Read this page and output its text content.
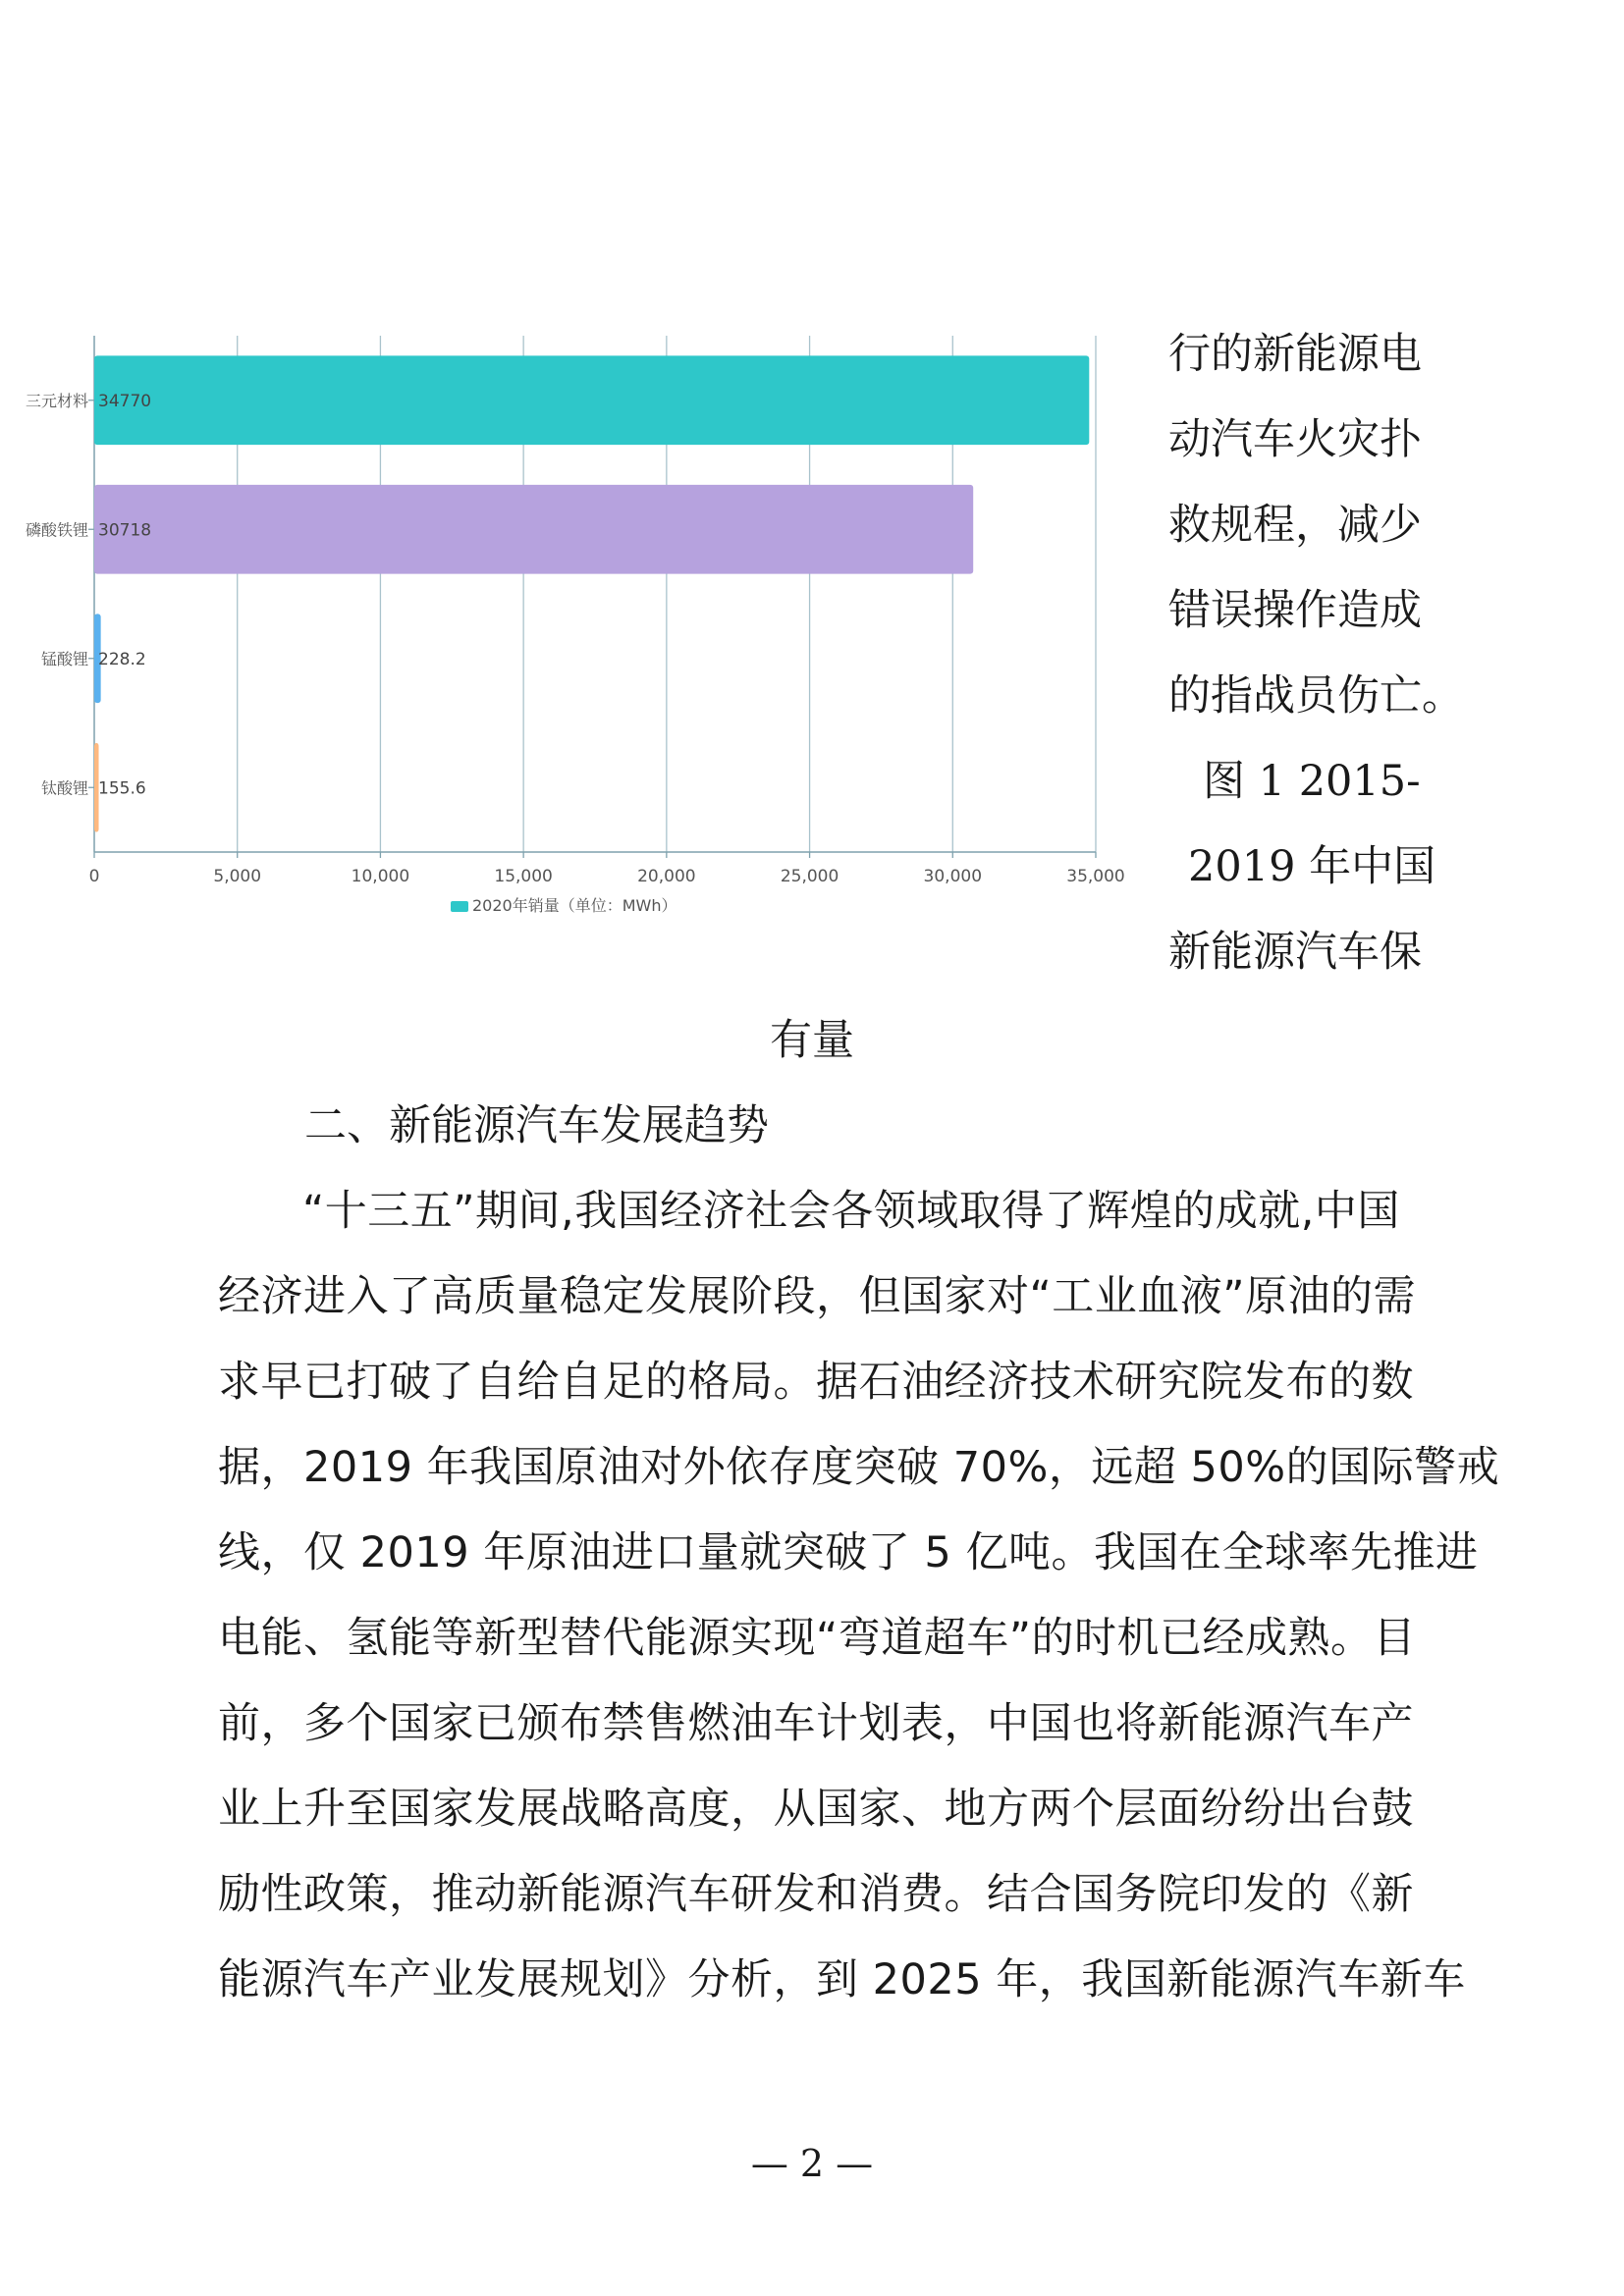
0	5,000	10,000	15,000	20,000	25,000	30,000	35,000
三元材料 34770
磷酸铁锂 30718
锰酸锂 228.2
钛酸锂 155.6
2020年销量（单位：MWh）
行的新能源电
动汽车火灾扑
救规程，减少
错误操作造成
的指战员伤亡。
图 1 2015-
2019 年中国
新能源汽车保
有量
二、新能源汽车发展趋势
“十三五”期间,我国经济社会各领域取得了辉煌的成就,中国
经济进入了高质量稳定发展阶段，但国家对“工业血液”原油的需
求早已打破了自给自足的格局。据石油经济技术研究院发布的数
据，2019 年我国原油对外依存度突破 70%，远超 50%的国际警戒
线，仅 2019 年原油进口量就突破了 5 亿吨。我国在全球率先推进
电能、氢能等新型替代能源实现“弯道超车”的时机已经成熟。目
前，多个国家已颁布禁售燃油车计划表，中国也将新能源汽车产
业上升至国家发展战略高度，从国家、地方两个层面纷纷出台鼓
励性政策，推动新能源汽车研发和消费。结合国务院印发的《新
能源汽车产业发展规划》分析，到 2025 年，我国新能源汽车新车
— 2 —
